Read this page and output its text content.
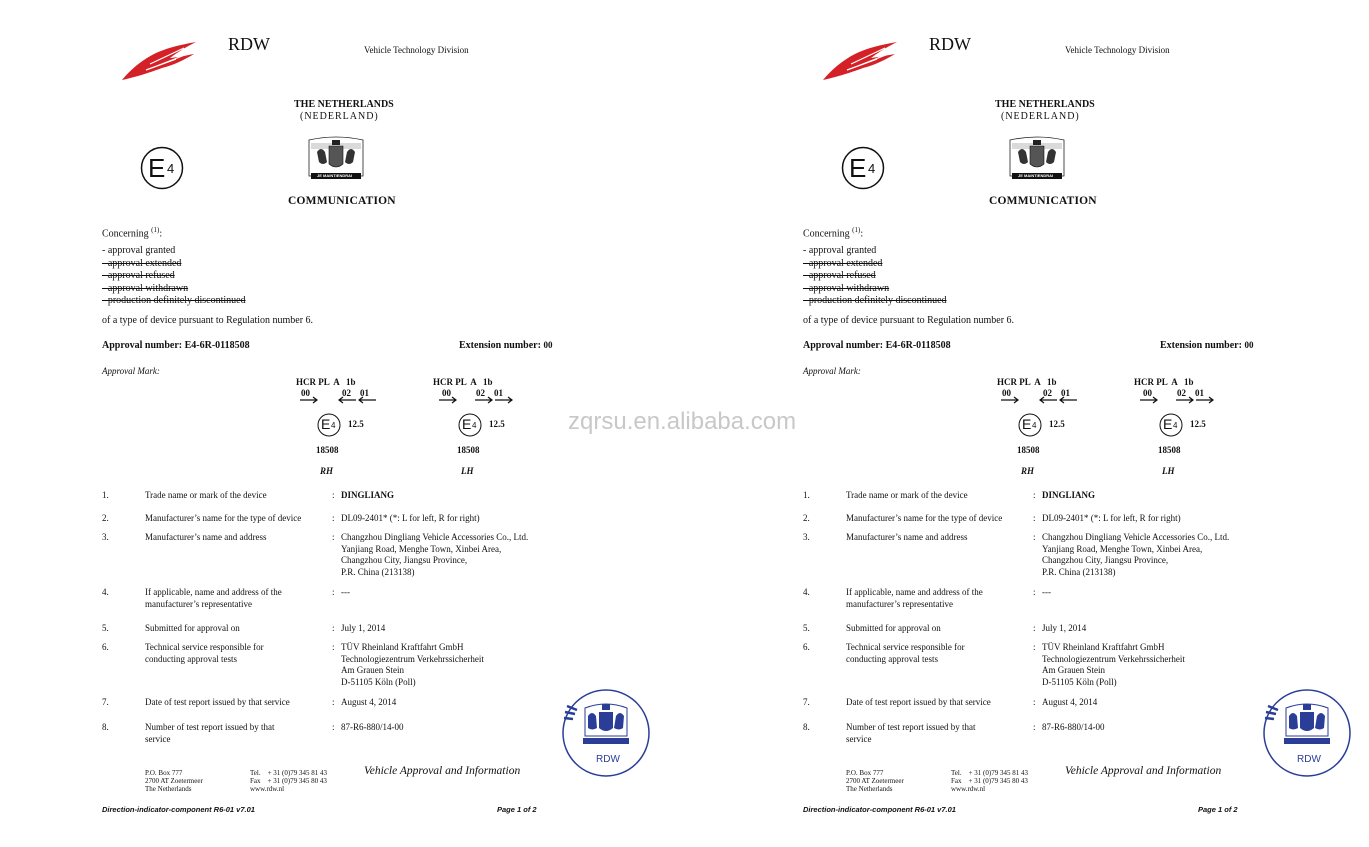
RDW	Vehicle Technology Division
THE NETHERLANDS
(NEDERLAND)
E 4	JE MAINTIENDRAI
COMMUNICATION
Concerning $^{(1)}$:
- approval granted
- approval extended
- approval refused
- approval withdrawn
- production definitely discontinued
of a type of device pursuant to Regulation number 6.
Approval number: E4-6R-0118508	Extension number: 00
Approval Mark:
HCR PL  A   1b
00	02 01
E 4 12.5
18508
RH
HCR PL  A   1b
00	02 01
E 4 12.5
18508
LH
1.	Trade name or mark of the device	: DINGLIANG
2.	Manufacturer’s name for the type of device	: DL09-2401* (*: L for left, R for right)
3.	Manufacturer’s name and address	: Changzhou Dingliang Vehicle Accessories Co., Ltd.
Yanjiang Road, Menghe Town, Xinbei Area,
Changzhou City, Jiangsu Province,
P.R. China (213138)
4.	If applicable, name and address of the
manufacturer’s representative
: ---
5.	Submitted for approval on	: July 1, 2014
6.	Technical service responsible for
conducting approval tests
: TÜV Rheinland Kraftfahrt GmbH
Technologiezentrum Verkehrssicherheit
Am Grauen Stein
D-51105 Köln (Poll)
7.	Date of test report issued by that service	: August 4, 2014
8.	Number of test report issued by that
service
: 87-R6-880/14-00
RDW
P.O. Box 777
2700 AT Zoetermeer
The Netherlands
Tel.    + 31 (0)79 345 81 43
Fax    + 31 (0)79 345 80 43
www.rdw.nl
Vehicle Approval and Information
Direction-indicator-component R6-01 v7.01	Page 1 of 2
RDW	Vehicle Technology Division
THE NETHERLANDS
(NEDERLAND)
E 4	JE MAINTIENDRAI
COMMUNICATION
Concerning $^{(1)}$:
- approval granted
- approval extended
- approval refused
- approval withdrawn
- production definitely discontinued
of a type of device pursuant to Regulation number 6.
Approval number: E4-6R-0118508	Extension number: 00
Approval Mark:
HCR PL  A   1b
00	02 01
E 4 12.5
18508
RH
HCR PL  A   1b
00	02 01
E 4 12.5
18508
LH
1.	Trade name or mark of the device	: DINGLIANG
2.	Manufacturer’s name for the type of device	: DL09-2401* (*: L for left, R for right)
3.	Manufacturer’s name and address	: Changzhou Dingliang Vehicle Accessories Co., Ltd.
Yanjiang Road, Menghe Town, Xinbei Area,
Changzhou City, Jiangsu Province,
P.R. China (213138)
4.	If applicable, name and address of the
manufacturer’s representative
: ---
5.	Submitted for approval on	: July 1, 2014
6.	Technical service responsible for
conducting approval tests
: TÜV Rheinland Kraftfahrt GmbH
Technologiezentrum Verkehrssicherheit
Am Grauen Stein
D-51105 Köln (Poll)
7.	Date of test report issued by that service	: August 4, 2014
8.	Number of test report issued by that
service
: 87-R6-880/14-00
RDW
P.O. Box 777
2700 AT Zoetermeer
The Netherlands
Tel.    + 31 (0)79 345 81 43
Fax    + 31 (0)79 345 80 43
www.rdw.nl
Vehicle Approval and Information
Direction-indicator-component R6-01 v7.01	Page 1 of 2
zqrsu.en.alibaba.com
